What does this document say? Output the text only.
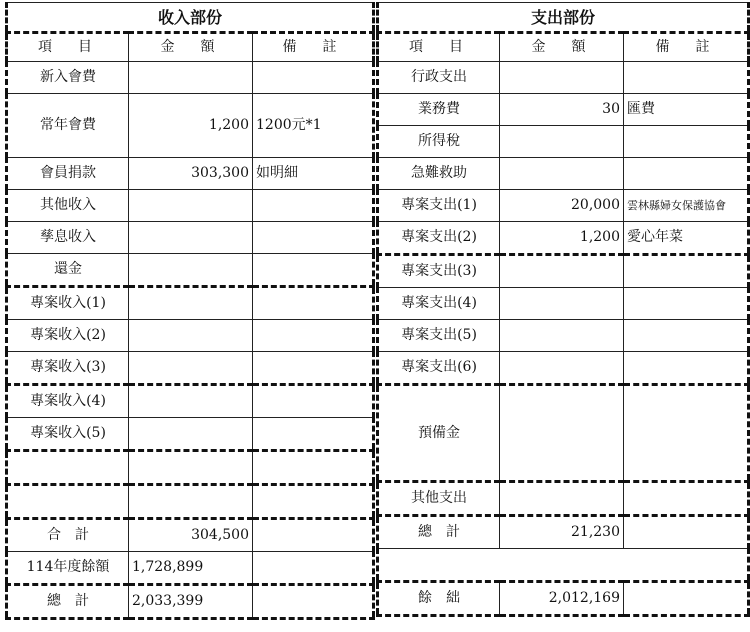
收入部份		
項　目	金　額	備　註
新入會費		
常年會費	1,200	1200元*1
會員捐款	303,300	如明細
其他收入		
孳息收入		
還金		
專案收入(1)		
專案收入(2)		
專案收入(3)		
專案收入(4)		
專案收入(5)		

合　計	304,500	
114年度餘額	1,728,899	
總　計	2,033,399	
支出部份		
項　目	金　額	備　註
行政支出		
業務費	30	匯費
所得稅		
急難救助		
專案支出(1)	20,000	雲林縣婦女保護協會
專案支出(2)	1,200	愛心年菜
專案支出(3)		
專案支出(4)		
專案支出(5)		
專案支出(6)		
預備金		
其他支出		
總　計	21,230	

餘　絀	2,012,169	
